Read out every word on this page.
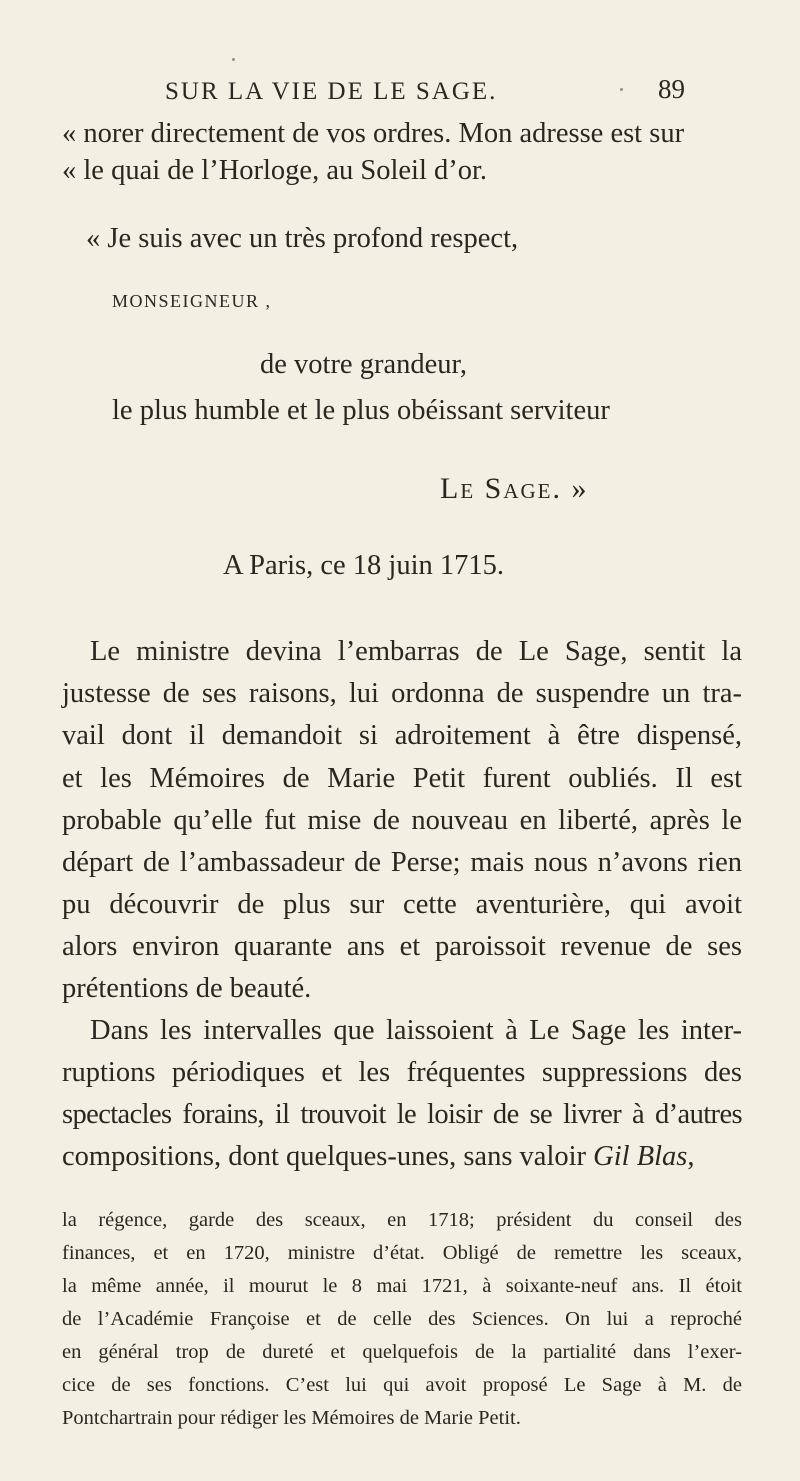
SUR LA VIE DE LE SAGE.	89
« norer directement de vos ordres. Mon adresse est sur
« le quai de l’Horloge, au Soleil d’or.
« Je suis avec un très profond respect,
MONSEIGNEUR ,
de votre grandeur,
le plus humble et le plus obéissant serviteur
Le Sage. »
A Paris, ce 18 juin 1715.
Le ministre devina l’embarras de Le Sage, sentit la
justesse de ses raisons, lui ordonna de suspendre un tra-
vail dont il demandoit si adroitement à être dispensé,
et les Mémoires de Marie Petit furent oubliés. Il est
probable qu’elle fut mise de nouveau en liberté, après le
départ de l’ambassadeur de Perse; mais nous n’avons rien
pu découvrir de plus sur cette aventurière, qui avoit
alors environ quarante ans et paroissoit revenue de ses
prétentions de beauté.
Dans les intervalles que laissoient à Le Sage les inter-
ruptions périodiques et les fréquentes suppressions des
spectacles forains, il trouvoit le loisir de se livrer à d’autres
compositions, dont quelques-unes, sans valoir Gil Blas,
la régence, garde des sceaux, en 1718; président du conseil des
finances, et en 1720, ministre d’état. Obligé de remettre les sceaux,
la même année, il mourut le 8 mai 1721, à soixante-neuf ans. Il étoit
de l’Académie Françoise et de celle des Sciences. On lui a reproché
en général trop de dureté et quelquefois de la partialité dans l’exer-
cice de ses fonctions. C’est lui qui avoit proposé Le Sage à M. de
Pontchartrain pour rédiger les Mémoires de Marie Petit.
